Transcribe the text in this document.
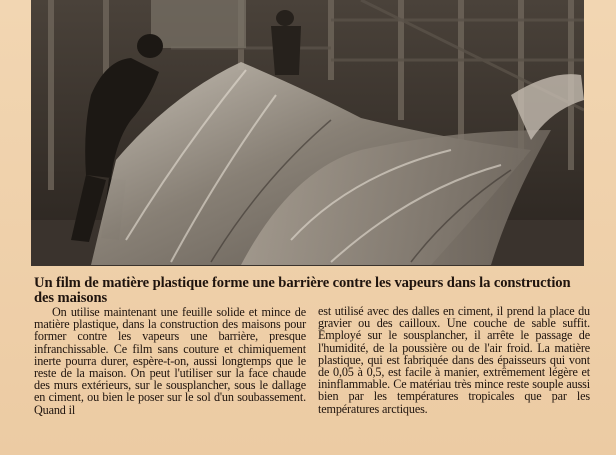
Un film de matière plastique forme une barrière contre les vapeurs dans la construction des maisons

On utilise maintenant une feuille solide et mince de matière plastique, dans la construction des maisons pour former contre les vapeurs une barrière, presque infranchissable. Ce film sans couture et chimiquement inerte pourra durer, espère-t-on, aussi longtemps que le reste de la maison. On peut l'utiliser sur la face chaude des murs extérieurs, sur le sousplancher, sous le dallage en ciment, ou bien le poser sur le sol d'un soubassement. Quand il

est utilisé avec des dalles en ciment, il prend la place du gravier ou des cailloux. Une couche de sable suffit. Employé sur le sousplancher, il arrête le passage de l'humidité, de la poussière ou de l'air froid. La matière plastique, qui est fabriquée dans des épaisseurs qui vont de 0,05 à 0,5, est facile à manier, extrêmement légère et ininflammable. Ce matériau très mince reste souple aussi bien par les températures tropicales que par les températures arctiques.
